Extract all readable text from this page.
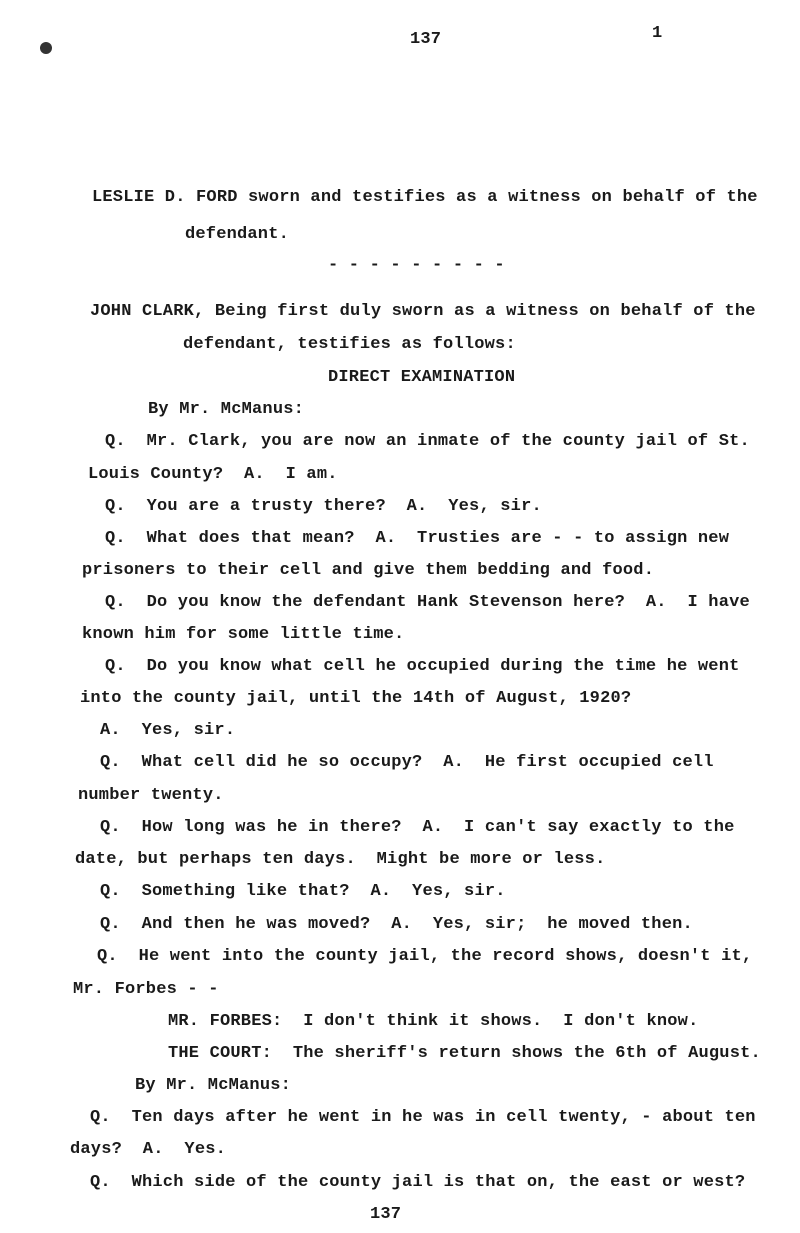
137	1
LESLIE D. FORD sworn and testifies as a witness on behalf of the
defendant.
- - - - - - - - -
JOHN CLARK, Being first duly sworn as a witness on behalf of the
defendant, testifies as follows:
DIRECT EXAMINATION
By Mr. McManus:
Q.  Mr. Clark, you are now an inmate of the county jail of St.
Louis County?  A.  I am.
Q.  You are a trusty there?  A.  Yes, sir.
Q.  What does that mean?  A.  Trusties are - - to assign new
prisoners to their cell and give them bedding and food.
Q.  Do you know the defendant Hank Stevenson here?  A.  I have
known him for some little time.
Q.  Do you know what cell he occupied during the time he went
into the county jail, until the 14th of August, 1920?
A.  Yes, sir.
Q.  What cell did he so occupy?  A.  He first occupied cell
number twenty.
Q.  How long was he in there?  A.  I can't say exactly to the
date, but perhaps ten days.  Might be more or less.
Q.  Something like that?  A.  Yes, sir.
Q.  And then he was moved?  A.  Yes, sir;  he moved then.
Q.  He went into the county jail, the record shows, doesn't it,
Mr. Forbes - -
MR. FORBES:  I don't think it shows.  I don't know.
THE COURT:  The sheriff's return shows the 6th of August.
By Mr. McManus:
Q.  Ten days after he went in he was in cell twenty, - about ten
days?  A.  Yes.
Q.  Which side of the county jail is that on, the east or west?
137
